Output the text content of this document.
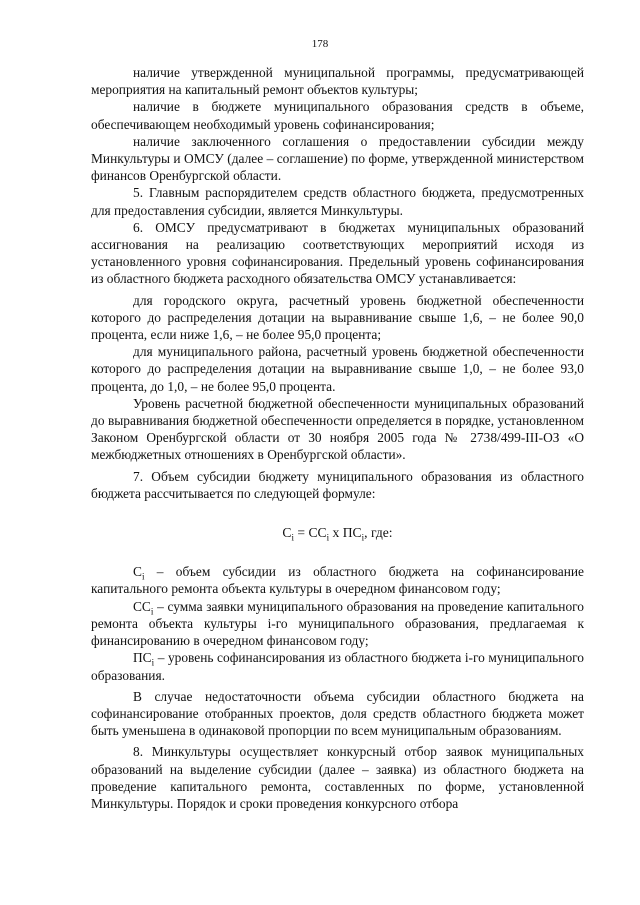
178

наличие утвержденной муниципальной программы, предусматривающей мероприятия на капитальный ремонт объектов культуры;

наличие в бюджете муниципального образования средств в объеме, обеспечивающем необходимый уровень софинансирования;

наличие заключенного соглашения о предоставлении субсидии между Минкультуры и ОМСУ (далее – соглашение) по форме, утвержденной министерством финансов Оренбургской области.

5. Главным распорядителем средств областного бюджета, предусмотренных для предоставления субсидии, является Минкультуры.

6. ОМСУ предусматривают в бюджетах муниципальных образований ассигнования на реализацию соответствующих мероприятий исходя из установленного уровня софинансирования. Предельный уровень софинансирования из областного бюджета расходного обязательства ОМСУ устанавливается:

для городского округа, расчетный уровень бюджетной обеспеченности которого до распределения дотации на выравнивание свыше 1,6, – не более 90,0 процента, если ниже 1,6, – не более 95,0 процента;

для муниципального района, расчетный уровень бюджетной обеспеченности которого до распределения дотации на выравнивание свыше 1,0, – не более 93,0 процента, до 1,0, – не более 95,0 процента.

Уровень расчетной бюджетной обеспеченности муниципальных образований до выравнивания бюджетной обеспеченности определяется в порядке, установленном Законом Оренбургской области от 30 ноября 2005 года № 2738/499-III-ОЗ «О межбюджетных отношениях в Оренбургской области».

7. Объем субсидии бюджету муниципального образования из областного бюджета рассчитывается по следующей формуле:

$С_i = СС_i$ х $ПС_i$, где:

$С_i$ – объем субсидии из областного бюджета на софинансирование капитального ремонта объекта культуры в очередном финансовом году;

$СС_i$ – сумма заявки муниципального образования на проведение капитального ремонта объекта культуры i-го муниципального образования, предлагаемая к финансированию в очередном финансовом году;

$ПС_i$ – уровень софинансирования из областного бюджета i-го муниципального образования.

В случае недостаточности объема субсидии областного бюджета на софинансирование отобранных проектов, доля средств областного бюджета может быть уменьшена в одинаковой пропорции по всем муниципальным образованиям.

8. Минкультуры осуществляет конкурсный отбор заявок муниципальных образований на выделение субсидии (далее – заявка) из областного бюджета на проведение капитального ремонта, составленных по форме, установленной Минкультуры. Порядок и сроки проведения конкурсного отбора
